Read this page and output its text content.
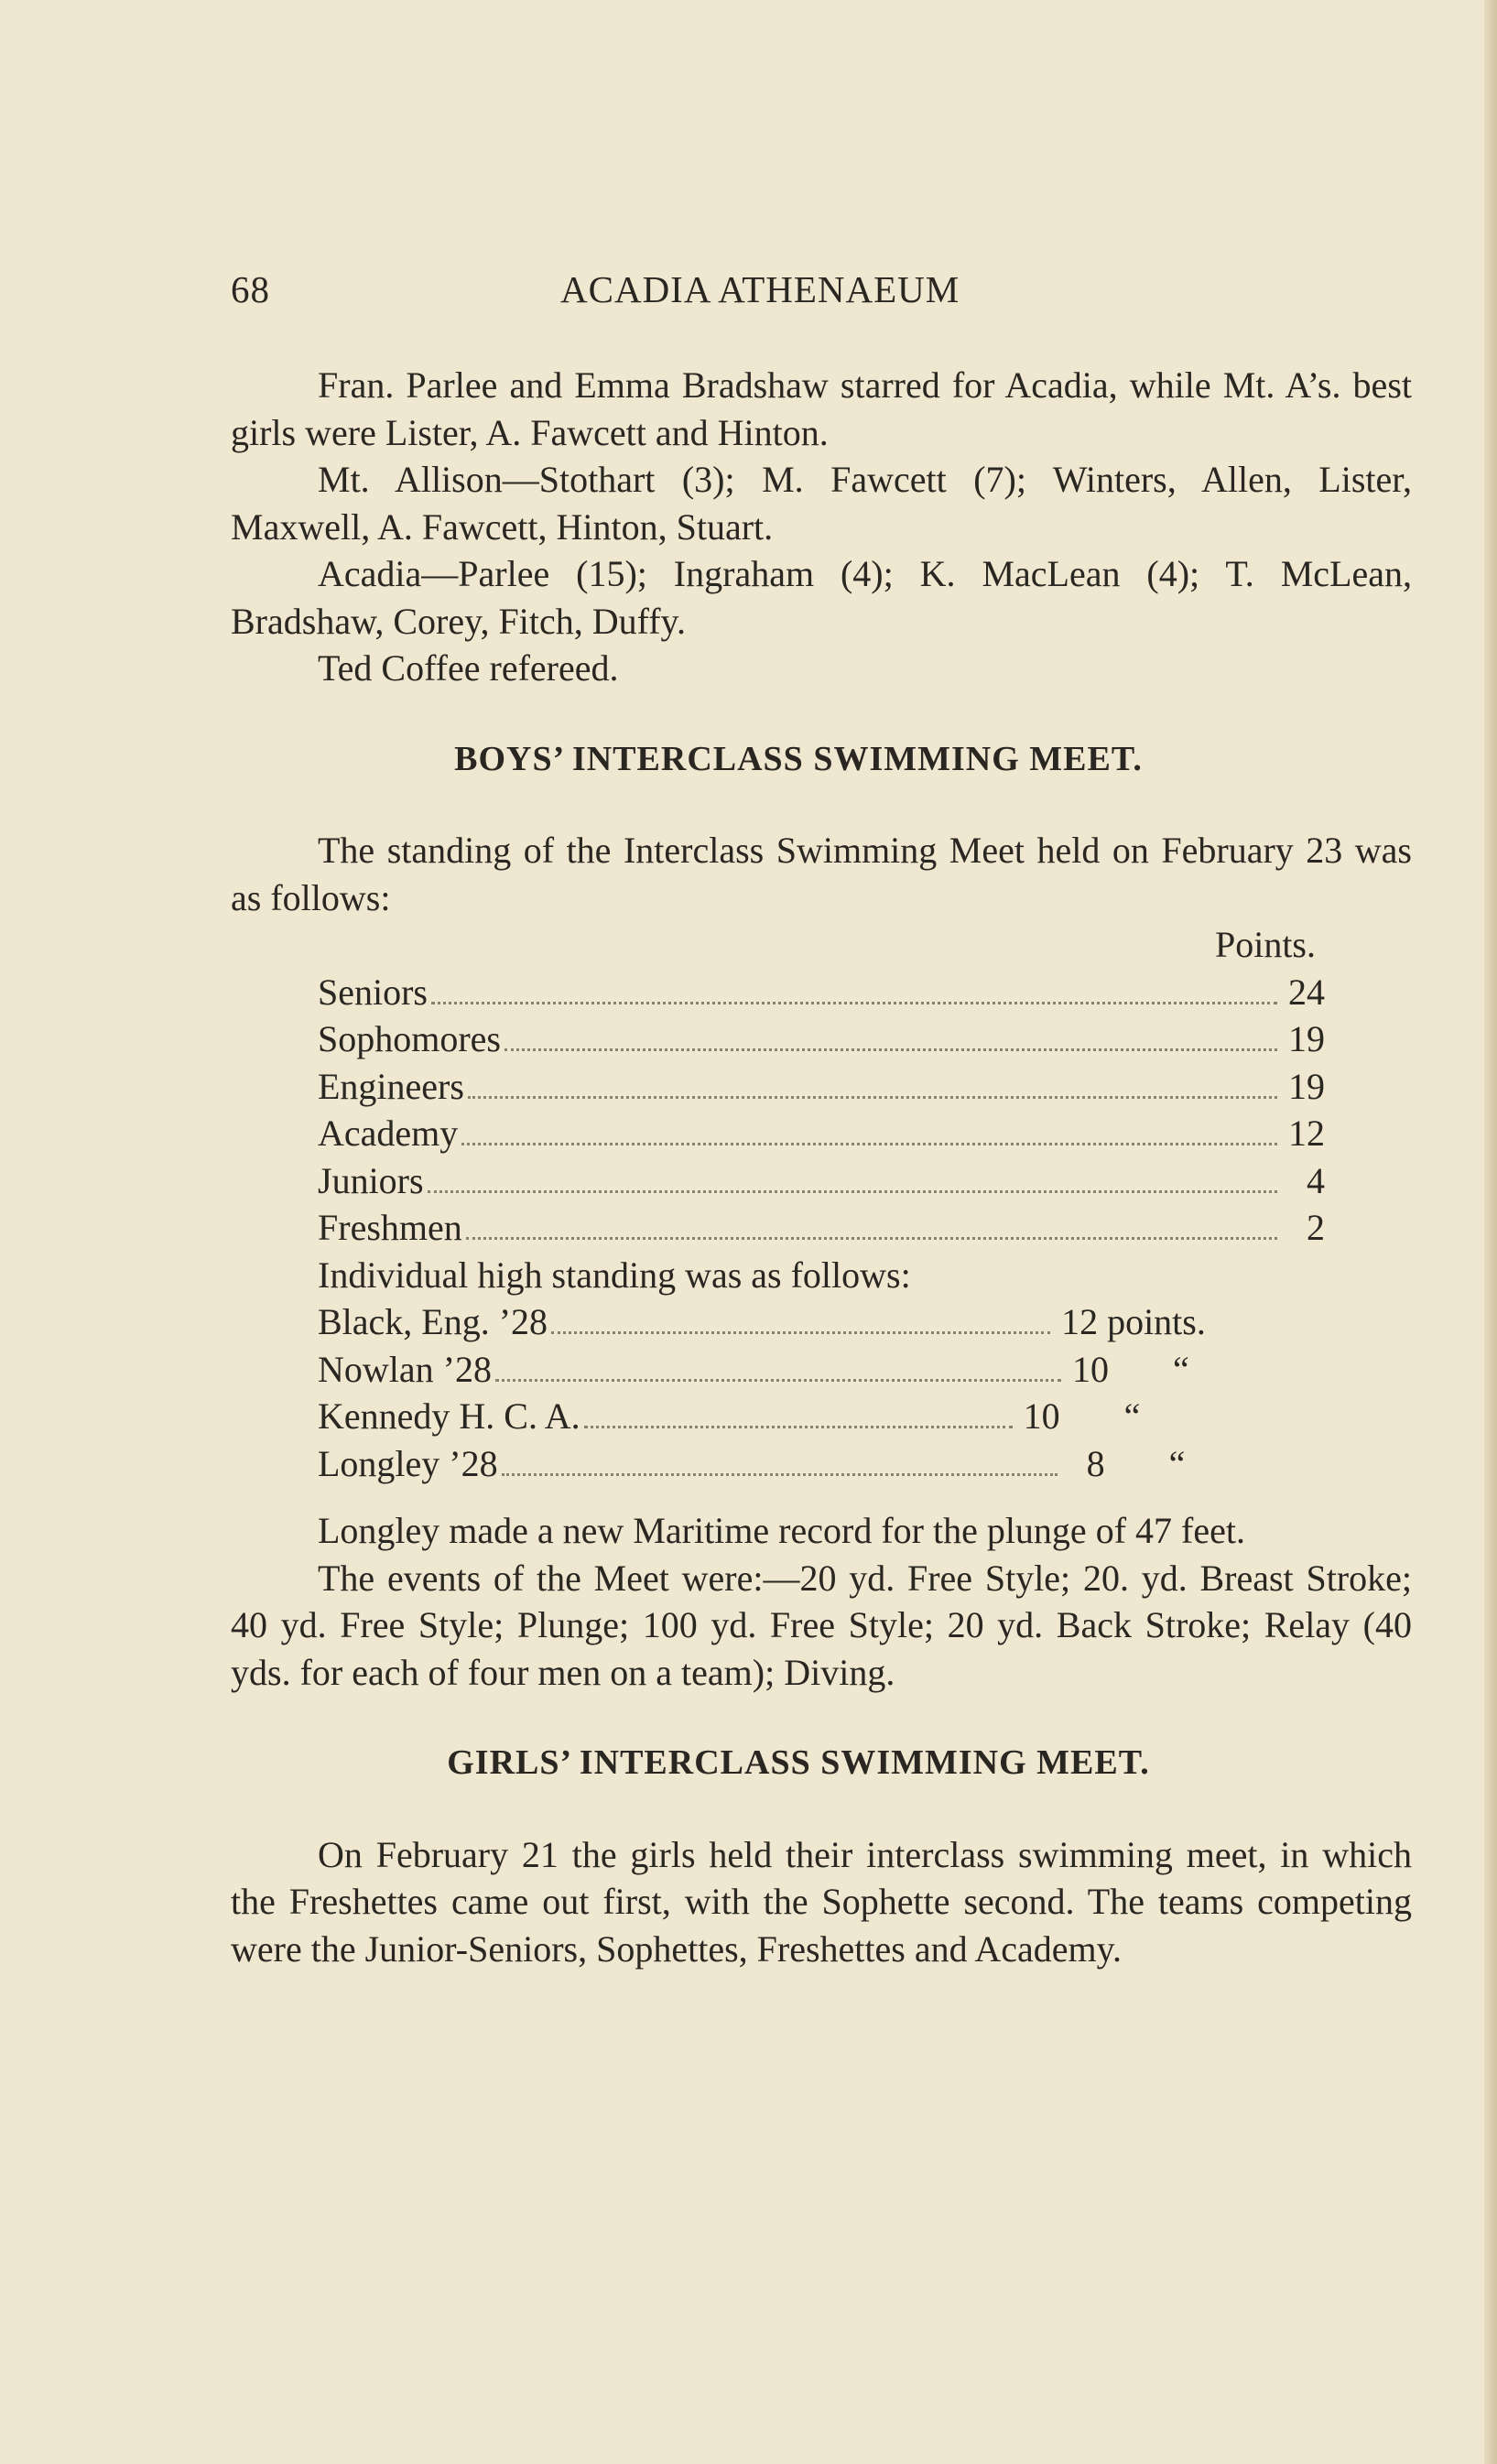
68	ACADIA ATHENAEUM

Fran. Parlee and Emma Bradshaw starred for Acadia, while Mt. A’s. best girls were Lister, A. Fawcett and Hinton.

Mt. Allison—Stothart (3); M. Fawcett (7); Winters, Allen, Lister, Maxwell, A. Fawcett, Hinton, Stuart.

Acadia—Parlee (15); Ingraham (4); K. MacLean (4); T. McLean, Bradshaw, Corey, Fitch, Duffy.

Ted Coffee refereed.

BOYS’ INTERCLASS SWIMMING MEET.

The standing of the Interclass Swimming Meet held on February 23 was as follows:

Points.
Seniors	24
Sophomores	19
Engineers	19
Academy	12
Juniors	4
Freshmen	2
Individual high standing was as follows:
Black, Eng. ’28	12 points.
Nowlan ’28	10 “
Kennedy H. C. A.	10 “
Longley ’28	8 “

Longley made a new Maritime record for the plunge of 47 feet.

The events of the Meet were:—20 yd. Free Style; 20. yd. Breast Stroke; 40 yd. Free Style; Plunge; 100 yd. Free Style; 20 yd. Back Stroke; Relay (40 yds. for each of four men on a team); Diving.

GIRLS’ INTERCLASS SWIMMING MEET.

On February 21 the girls held their interclass swimming meet, in which the Freshettes came out first, with the Sophette second. The teams competing were the Junior-Seniors, Sophettes, Freshettes and Academy.
